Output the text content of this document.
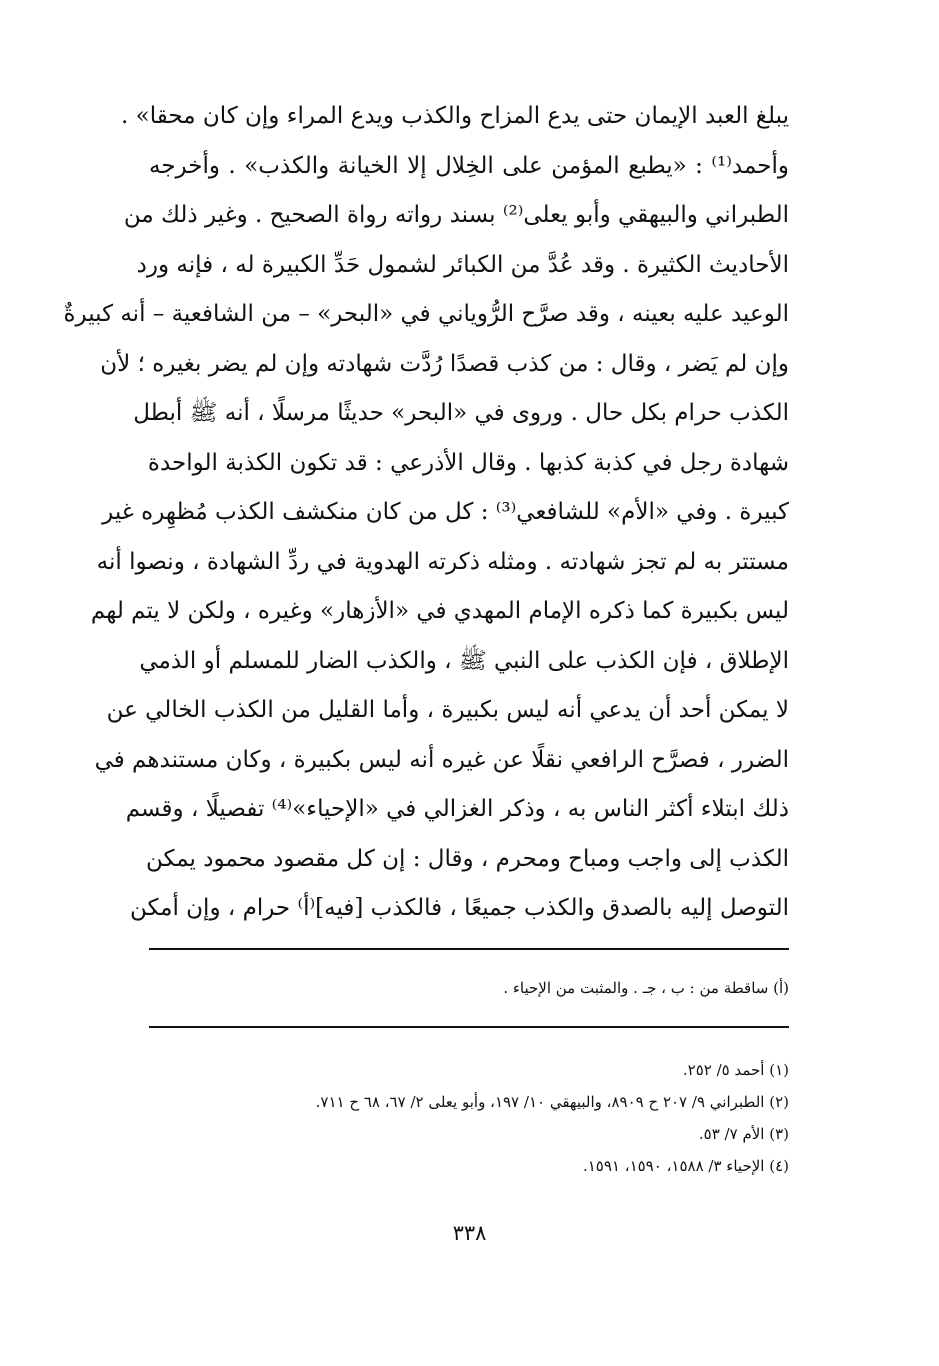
يبلغ العبد الإيمان حتى يدع المزاح والكذب ويدع المراء وإن كان محقا» .
وأحمد⁽¹⁾ : «يطبع المؤمن على الخِلال إلا الخيانة والكذب» . وأخرجه
الطبراني والبيهقي وأبو يعلى⁽²⁾ بسند رواته رواة الصحيح . وغير ذلك من
الأحاديث الكثيرة . وقد عُدَّ من الكبائر لشمول حَدِّ الكبيرة له ، فإنه ورد
الوعيد عليه بعينه ، وقد صرَّح الرُّوياني في «البحر» – من الشافعية – أنه كبيرةٌ
وإن لم يَضر ، وقال : من كذب قصدًا رُدَّت شهادته وإن لم يضر بغيره ؛ لأن
الكذب حرام بكل حال . وروى في «البحر» حديثًا مرسلًا ، أنه ﷺ أبطل
شهادة رجل في كذبة كذبها . وقال الأذرعي : قد تكون الكذبة الواحدة
كبيرة . وفي «الأم» للشافعي⁽³⁾ : كل من كان منكشف الكذب مُظهِره غير
مستتر به لم تجز شهادته . ومثله ذكرته الهدوية في ردِّ الشهادة ، ونصوا أنه
ليس بكبيرة كما ذكره الإمام المهدي في «الأزهار» وغيره ، ولكن لا يتم لهم
الإطلاق ، فإن الكذب على النبي ﷺ ، والكذب الضار للمسلم أو الذمي
لا يمكن أحد أن يدعي أنه ليس بكبيرة ، وأما القليل من الكذب الخالي عن
الضرر ، فصرَّح الرافعي نقلًا عن غيره أنه ليس بكبيرة ، وكان مستندهم في
ذلك ابتلاء أكثر الناس به ، وذكر الغزالي في «الإحياء»⁽⁴⁾ تفصيلًا ، وقسم
الكذب إلى واجب ومباح ومحرم ، وقال : إن كل مقصود محمود يمكن
التوصل إليه بالصدق والكذب جميعًا ، فالكذب [فيه]⁽أ⁾ حرام ، وإن أمكن
(أ) ساقطة من : ب ، جـ . والمثبت من الإحياء .
(١) أحمد ٥/ ٢٥٢.
(٢) الطبراني ٩/ ٢٠٧ ح ٨٩٠٩، والبيهقي ١٠/ ١٩٧، وأبو يعلى ٢/ ٦٧، ٦٨ ح ٧١١.
(٣) الأم ٧/ ٥٣.
(٤) الإحياء ٣/ ١٥٨٨، ١٥٩٠، ١٥٩١.
٣٣٨
